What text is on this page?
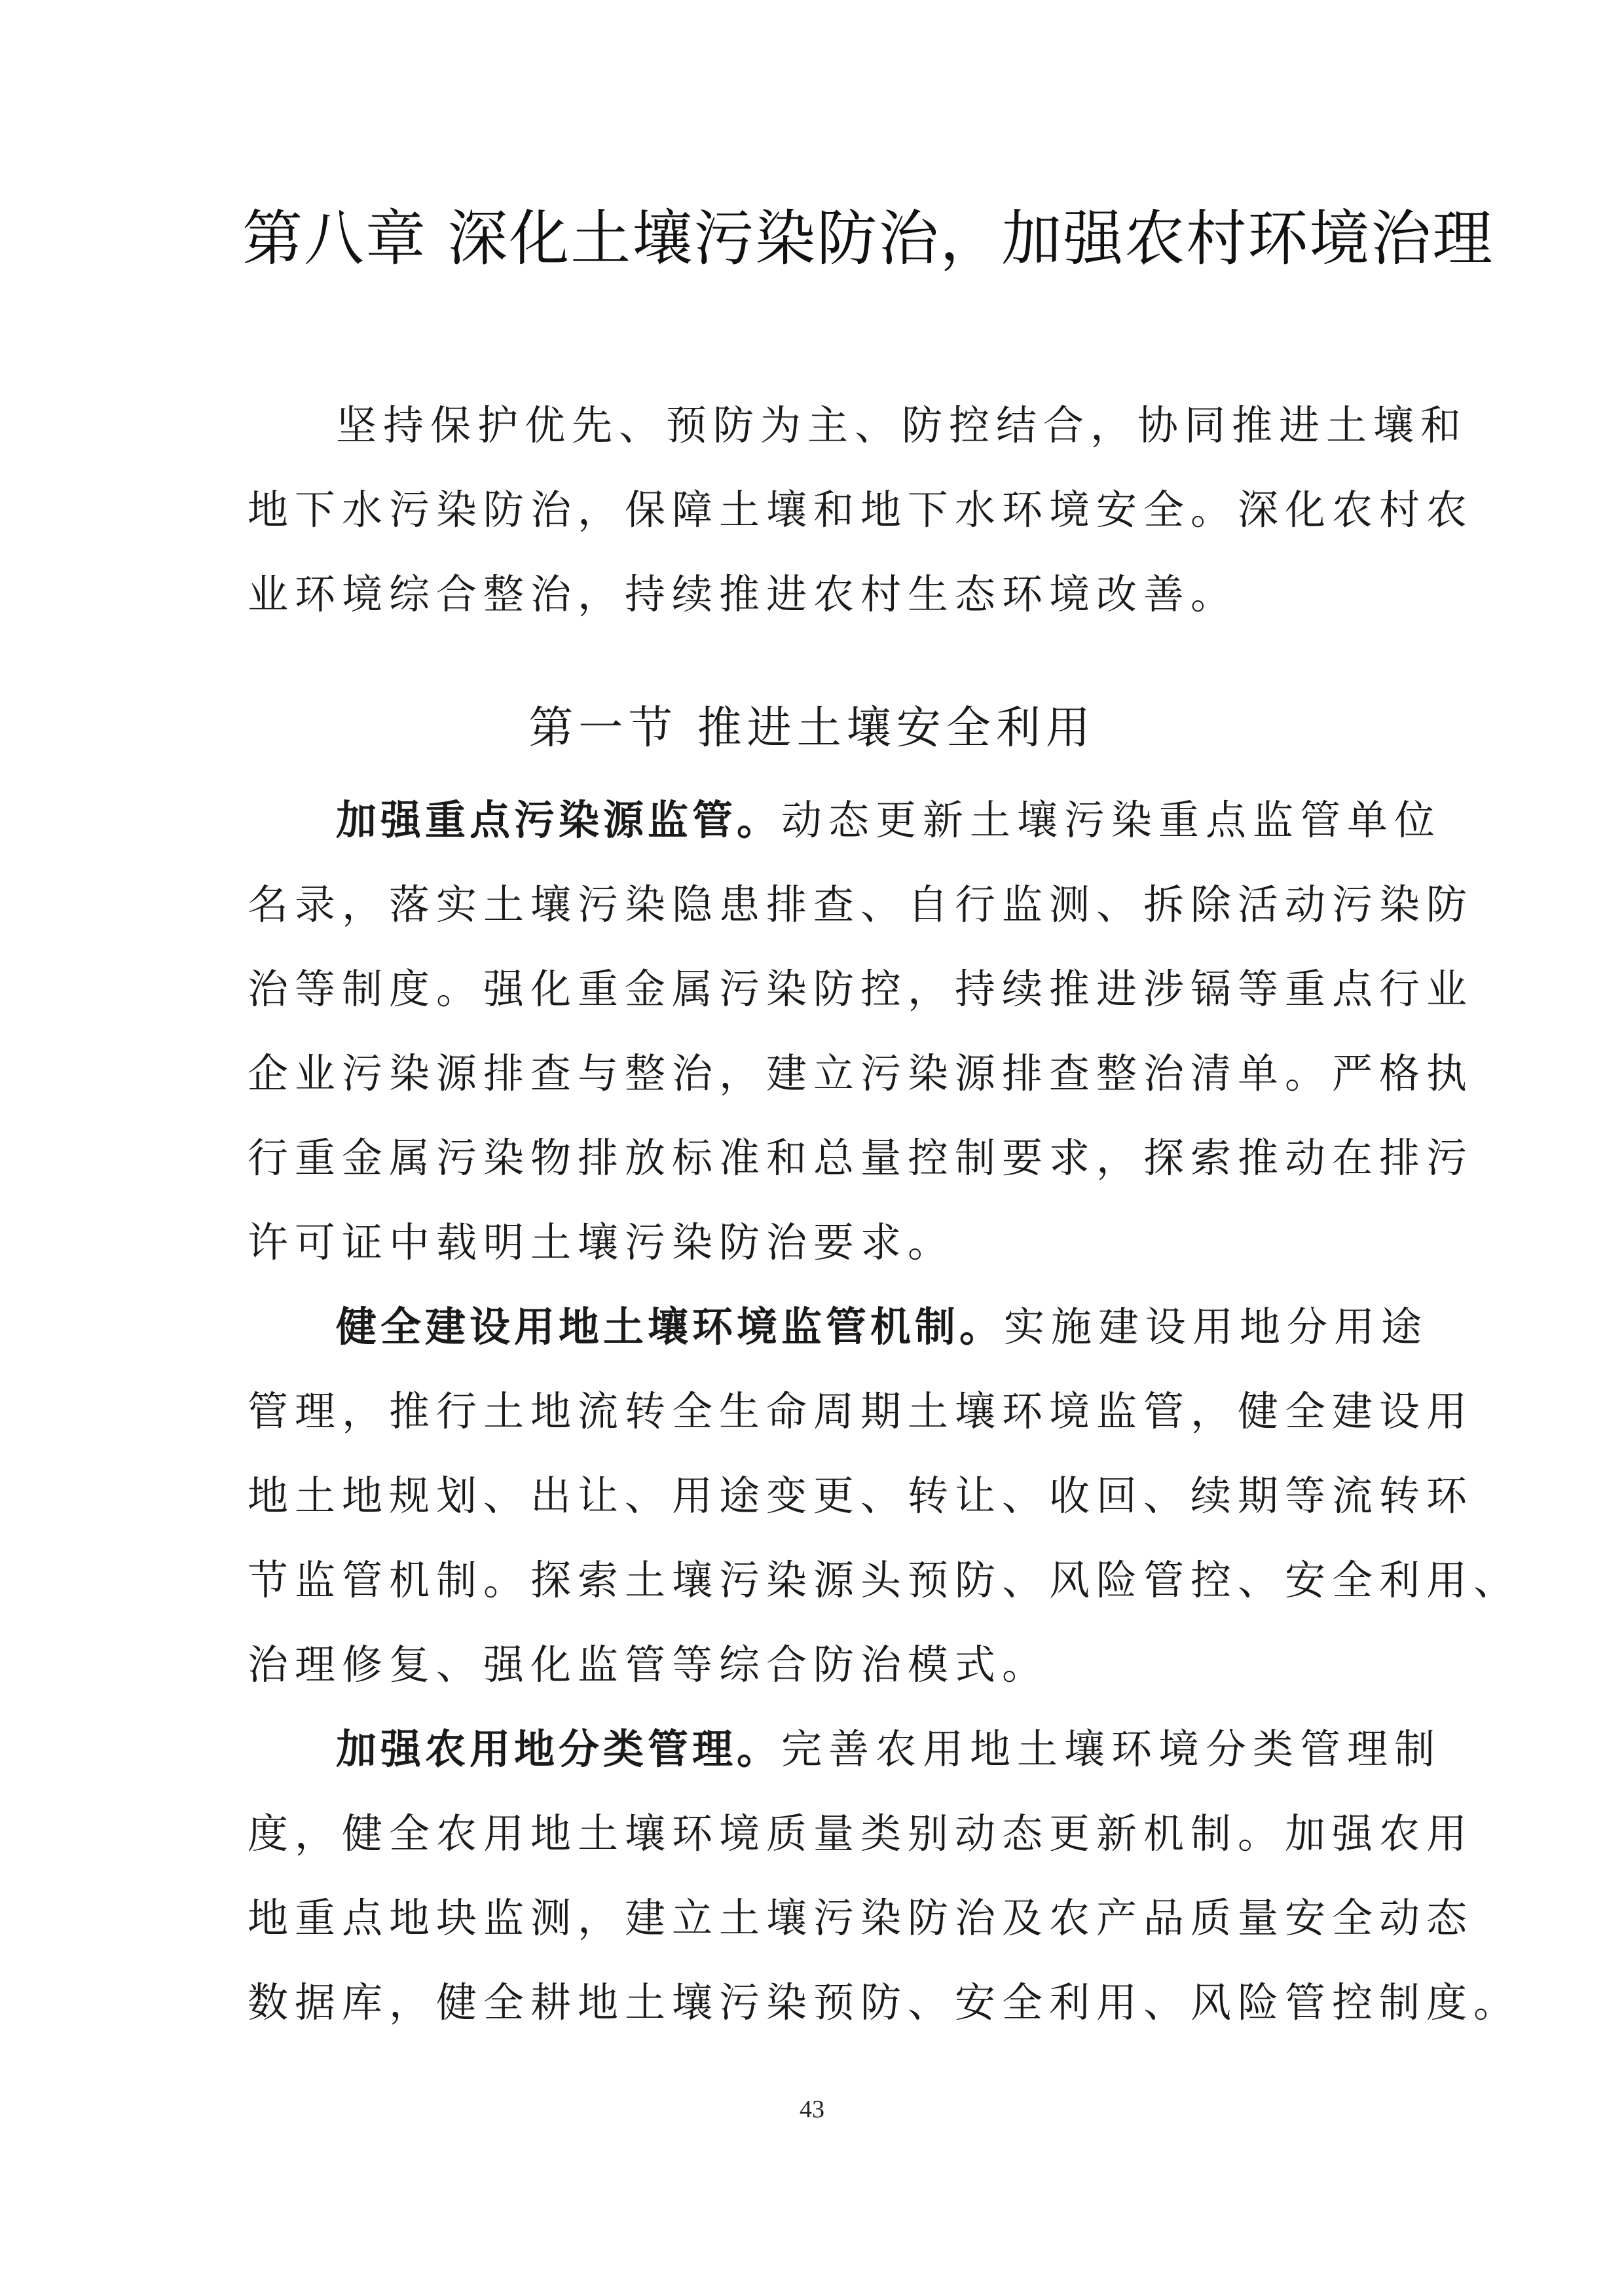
第八章 深化土壤污染防治，加强农村环境治理
坚持保护优先、预防为主、防控结合，协同推进土壤和
地下水污染防治，保障土壤和地下水环境安全。深化农村农
业环境综合整治，持续推进农村生态环境改善。
第一节 推进土壤安全利用
加强重点污染源监管。动态更新土壤污染重点监管单位
名录，落实土壤污染隐患排查、自行监测、拆除活动污染防
治等制度。强化重金属污染防控，持续推进涉镉等重点行业
企业污染源排查与整治，建立污染源排查整治清单。严格执
行重金属污染物排放标准和总量控制要求，探索推动在排污
许可证中载明土壤污染防治要求。
健全建设用地土壤环境监管机制。实施建设用地分用途
管理，推行土地流转全生命周期土壤环境监管，健全建设用
地土地规划、出让、用途变更、转让、收回、续期等流转环
节监管机制。探索土壤污染源头预防、风险管控、安全利用、
治理修复、强化监管等综合防治模式。
加强农用地分类管理。完善农用地土壤环境分类管理制
度，健全农用地土壤环境质量类别动态更新机制。加强农用
地重点地块监测，建立土壤污染防治及农产品质量安全动态
数据库，健全耕地土壤污染预防、安全利用、风险管控制度。
43
